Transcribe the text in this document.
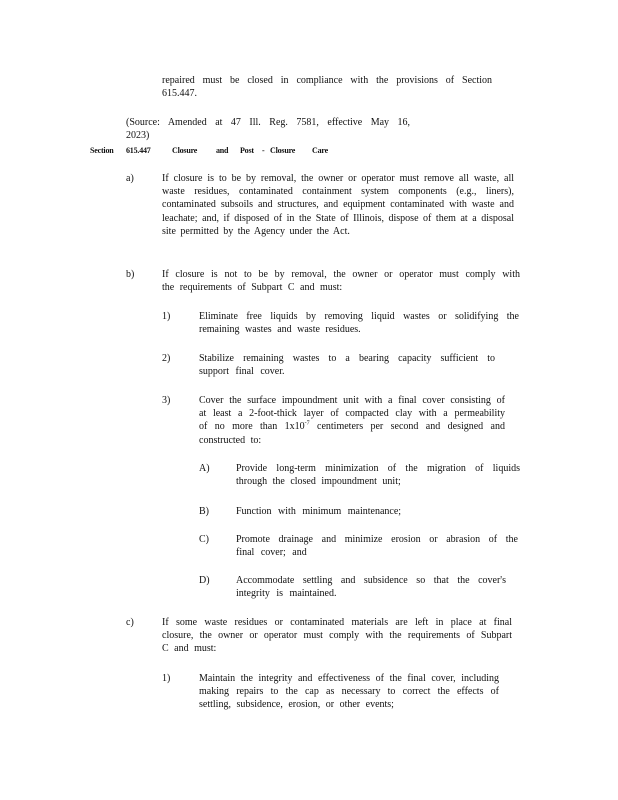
repaired must be closed in compliance with the provisions of Section
615.447.
(Source: Amended at 47 Ill. Reg. 7581, effective May 16, 2023)
Section 615.447	Closure and Post - Closure Care
a)	If closure is to be by removal, the owner or operator must remove all waste, all waste residues, contaminated containment system components (e.g., liners), contaminated subsoils and structures, and equipment contaminated with waste and leachate; and, if disposed of in the State of Illinois, dispose of them at a disposal site permitted by the Agency under the Act.
b)	If closure is not to be by removal, the owner or operator must comply with the requirements of Subpart C and must:
1)	Eliminate free liquids by removing liquid wastes or solidifying the remaining wastes and waste residues.
2)	Stabilize remaining wastes to a bearing capacity sufficient to support final cover.
3)	Cover the surface impoundment unit with a final cover consisting of at least a 2-foot-thick layer of compacted clay with a permeability of no more than $1x10^{-7}$ centimeters per second and designed and constructed to:
A)	Provide long-term minimization of the migration of liquids through the closed impoundment unit;
B)	Function with minimum maintenance;
C)	Promote drainage and minimize erosion or abrasion of the final cover; and
D)	Accommodate settling and subsidence so that the cover's integrity is maintained.
c)	If some waste residues or contaminated materials are left in place at final closure, the owner or operator must comply with the requirements of Subpart C and must:
1)	Maintain the integrity and effectiveness of the final cover, including making repairs to the cap as necessary to correct the effects of settling, subsidence, erosion, or other events;
